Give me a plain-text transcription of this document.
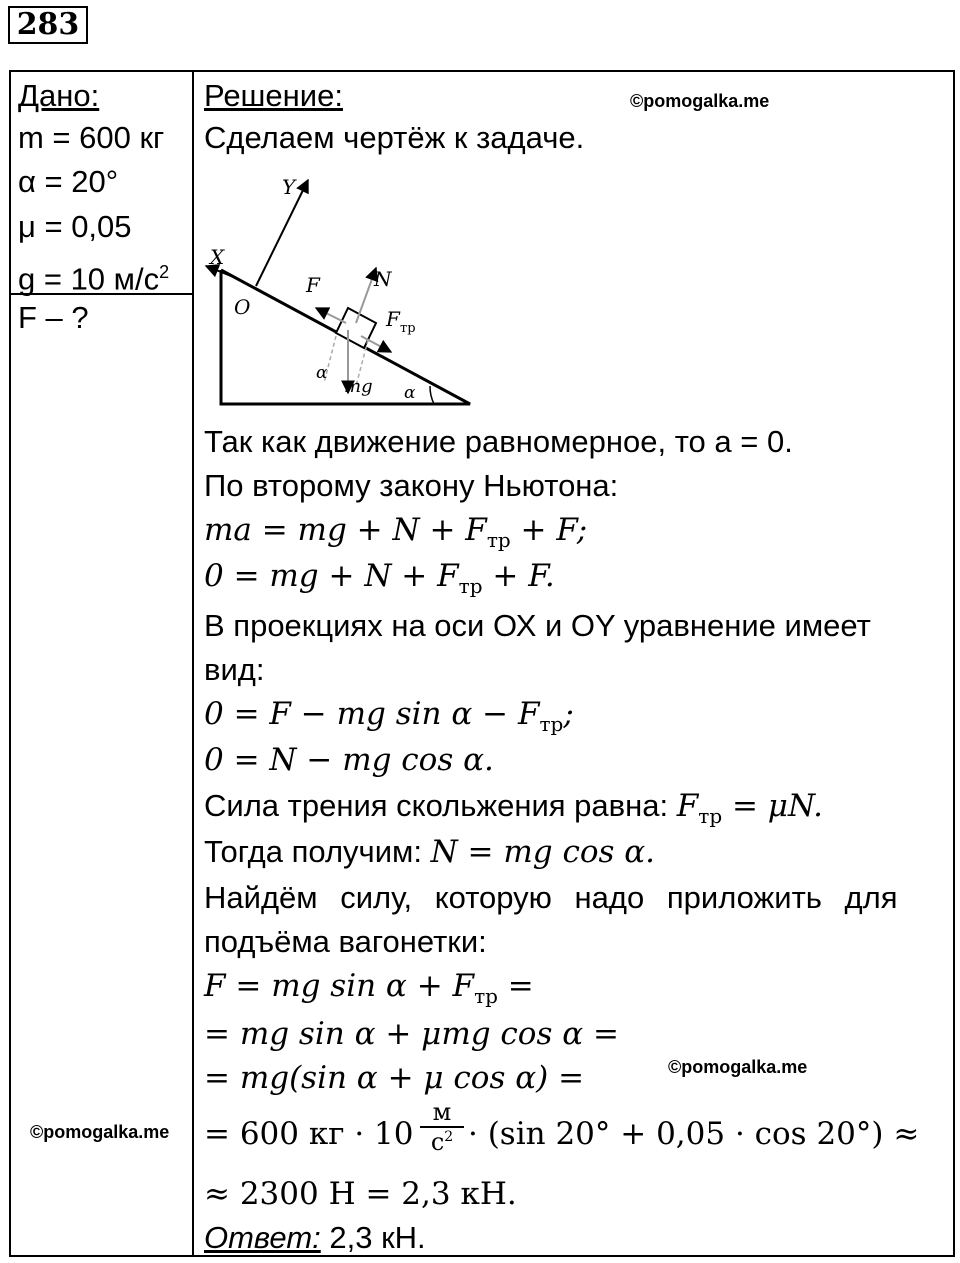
283
Дано:
m = 600 кг
α = 20°
μ = 0,05
g = 10 $м/с^2$
F – ?
©pomogalka.me
Решение:	©pomogalka.me
Сделаем чертёж к задаче.
Y
X
O
F	N
F тр
mg
α
α
Так как движение равномерное, то a = 0.
По второму закону Ньютона:
ma = mg + $N + F_{тр} + F$;
0 = mg + $N + F_{тр} + F$.
В проекциях на оси ОХ и ОY уравнение имеет
вид:
0 = F − mg $\sin \alpha - F_{тр}$;
0 = N − mg cos α.
Сила трения скольжения равна: $F_{тр} = \mu N$.
Тогда получим: N = mg cos α.
Найдём силу, которую надо приложить для
подъёма вагонетки:
F = mg $\sin \alpha + F_{тр}$ =
= mg sin α + μmg cos α =
= mg(sin α + μ cos α) =	©pomogalka.me
= 600 кг · 10
м
$с^2 \cdot (\sin$ 20° + 0,05 · cos 20°) ≈
≈ 2300 Н = 2,3 кН.
Ответ: 2,3 кН.
